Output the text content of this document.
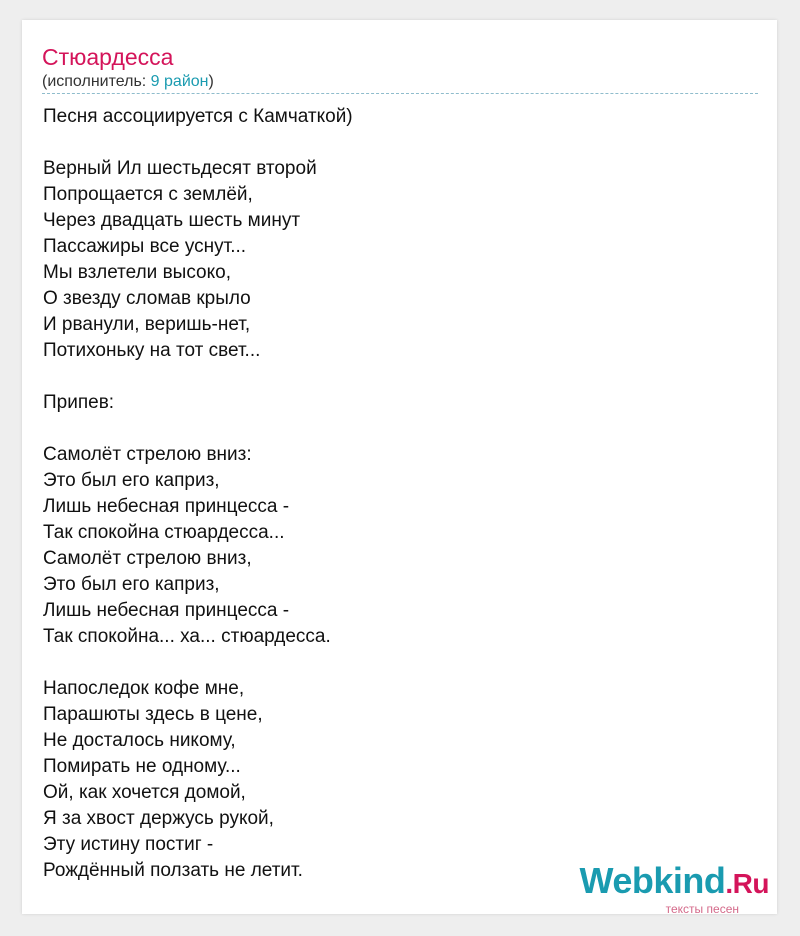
Стюардесса
(исполнитель: 9 район)
Песня ассоциируется с Камчаткой)
Верный Ил шестьдесят второй
Попрощается с землёй,
Через двадцать шесть минут
Пассажиры все уснут...
Мы взлетели высоко,
О звезду сломав крыло
И рванули, веришь-нет,
Потихоньку на тот свет...
Припев:
Самолёт стрелою вниз:
Это был его каприз,
Лишь небесная принцесса -
Так спокойна стюардесса...
Самолёт стрелою вниз,
Это был его каприз,
Лишь небесная принцесса -
Так спокойна... ха... стюардесса.
Напоследок кофе мне,
Парашюты здесь в цене,
Не досталось никому,
Помирать не одному...
Ой, как хочется домой,
Я за хвост держусь рукой,
Эту истину постиг -
Рождённый ползать не летит.	Webkind.Ru
тексты песен
